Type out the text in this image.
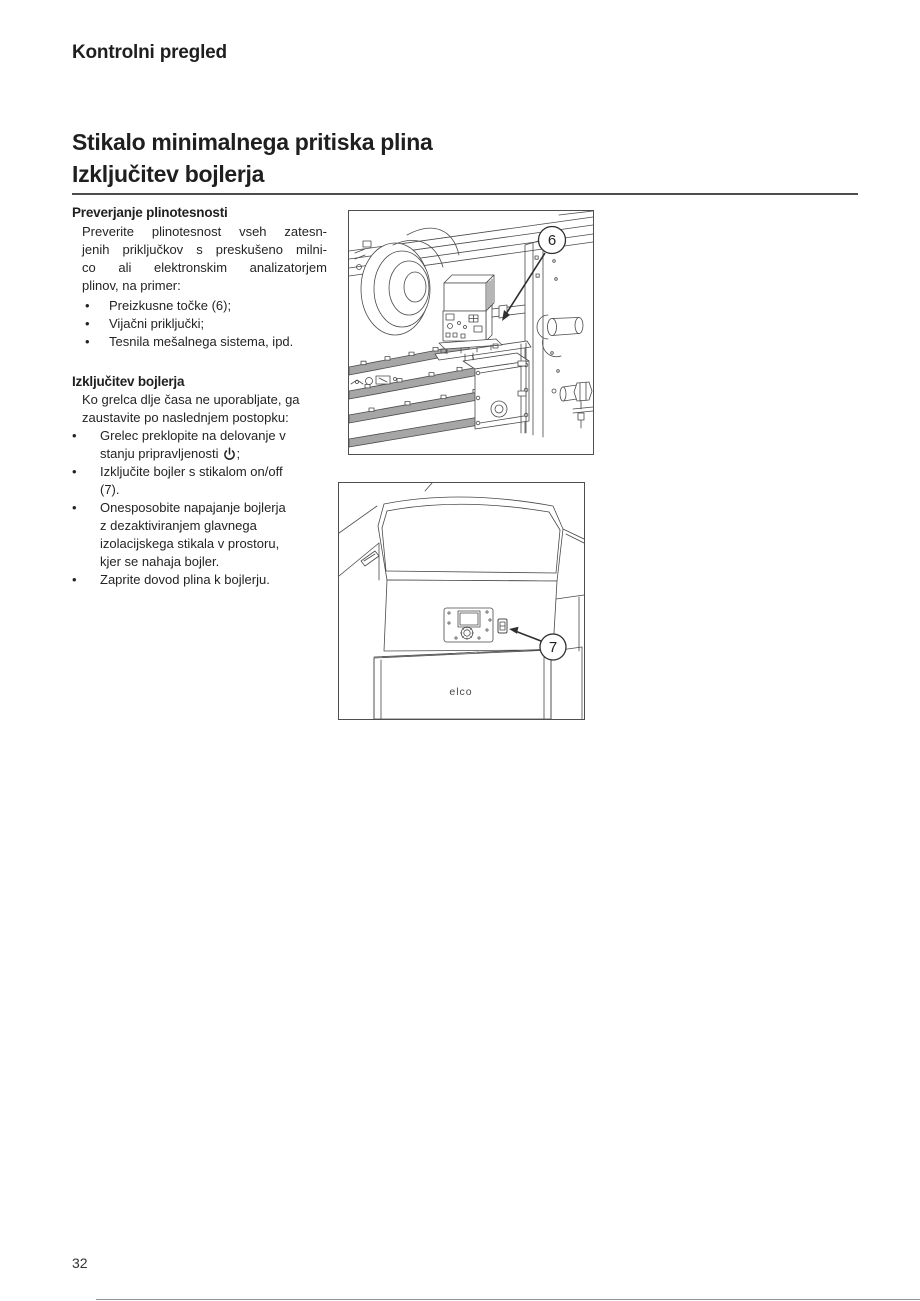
Kontrolni pregled
Stikalo minimalnega pritiska plina
Izključitev bojlerja
Preverjanje plinotesnosti
Preverite plinotesnost vseh zatesn-
jenih priključkov s preskušeno milni-
co ali elektronskim analizatorjem
plinov, na primer:
•	Preizkusne točke (6);
•	Vijačni priključki;
•	Tesnila mešalnega sistema, ipd.
Izključitev bojlerja
Ko grelca dlje časa ne uporabljate, ga
zaustavite po naslednjem postopku:
•	Grelec preklopite na delovanje v
stanju pripravljenosti ;
•	Izključite bojler s stikalom on/off
(7).
•	Onesposobite napajanje bojlerja
z dezaktiviranjem glavnega
izolacijskega stikala v prostoru,
kjer se nahaja bojler.
•	Zaprite dovod plina k bojlerju.
6
7
elco
32
